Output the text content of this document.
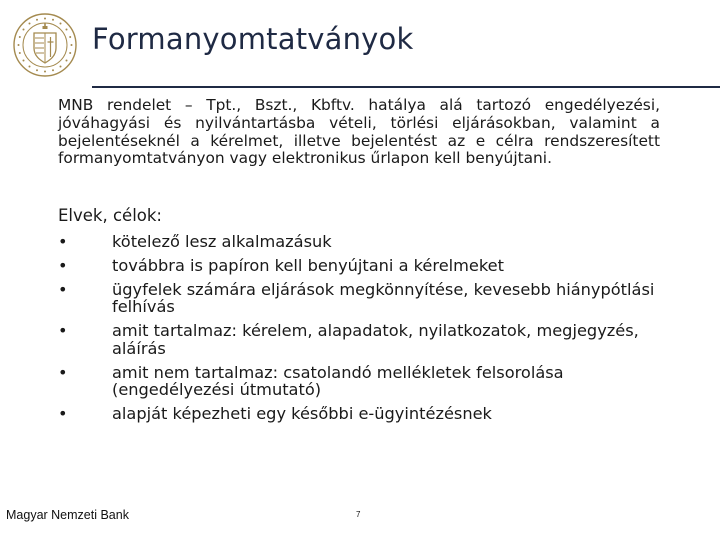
Formanyomtatványok

MNB rendelet – Tpt., Bszt., Kbftv. hatálya alá tartozó engedélyezési, jóváhagyási és nyilvántartásba vételi, törlési eljárásokban, valamint a bejelentéseknél a kérelmet, illetve bejelentést az e célra rendszeresített formanyomtatványon vagy elektronikus űrlapon kell benyújtani.

Elvek, célok:
•	kötelező lesz alkalmazásuk
•	továbbra is papíron kell benyújtani a kérelmeket
•	ügyfelek számára eljárások megkönnyítése, kevesebb hiánypótlási felhívás
•	amit tartalmaz: kérelem, alapadatok, nyilatkozatok, megjegyzés, aláírás
•	amit nem tartalmaz: csatolandó mellékletek felsorolása (engedélyezési útmutató)
•	alapját képezheti egy későbbi e-ügyintézésnek
Magyar Nemzeti Bank	7
